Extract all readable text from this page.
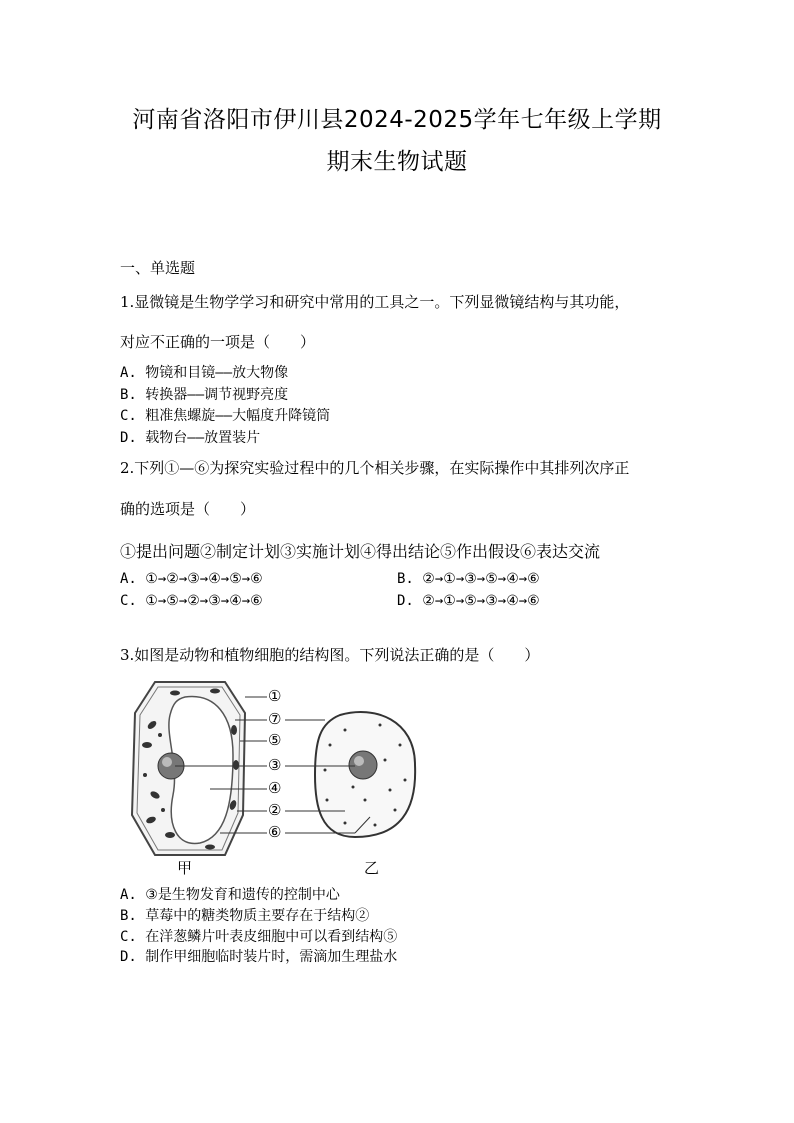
河南省洛阳市伊川县2024-2025学年七年级上学期
期末生物试题
一、单选题
1.显微镜是生物学学习和研究中常用的工具之一。下列显微镜结构与其功能，
对应不正确的一项是（　　）
A. 物镜和目镜——放大物像
B. 转换器——调节视野亮度
C. 粗准焦螺旋——大幅度升降镜筒
D. 载物台——放置装片
2.下列①—⑥为探究实验过程中的几个相关步骤，在实际操作中其排列次序正
确的选项是（　　）
①提出问题②制定计划③实施计划④得出结论⑤作出假设⑥表达交流
A. ①→②→③→④→⑤→⑥	B. ②→①→③→⑤→④→⑥
C. ①→⑤→②→③→④→⑥	D. ②→①→⑤→③→④→⑥
3.如图是动物和植物细胞的结构图。下列说法正确的是（　　）
①
⑦
⑤
③
④
②
⑥
甲	乙
A. ③是生物发育和遗传的控制中心
B. 草莓中的糖类物质主要存在于结构②
C. 在洋葱鳞片叶表皮细胞中可以看到结构⑤
D. 制作甲细胞临时装片时，需滴加生理盐水
